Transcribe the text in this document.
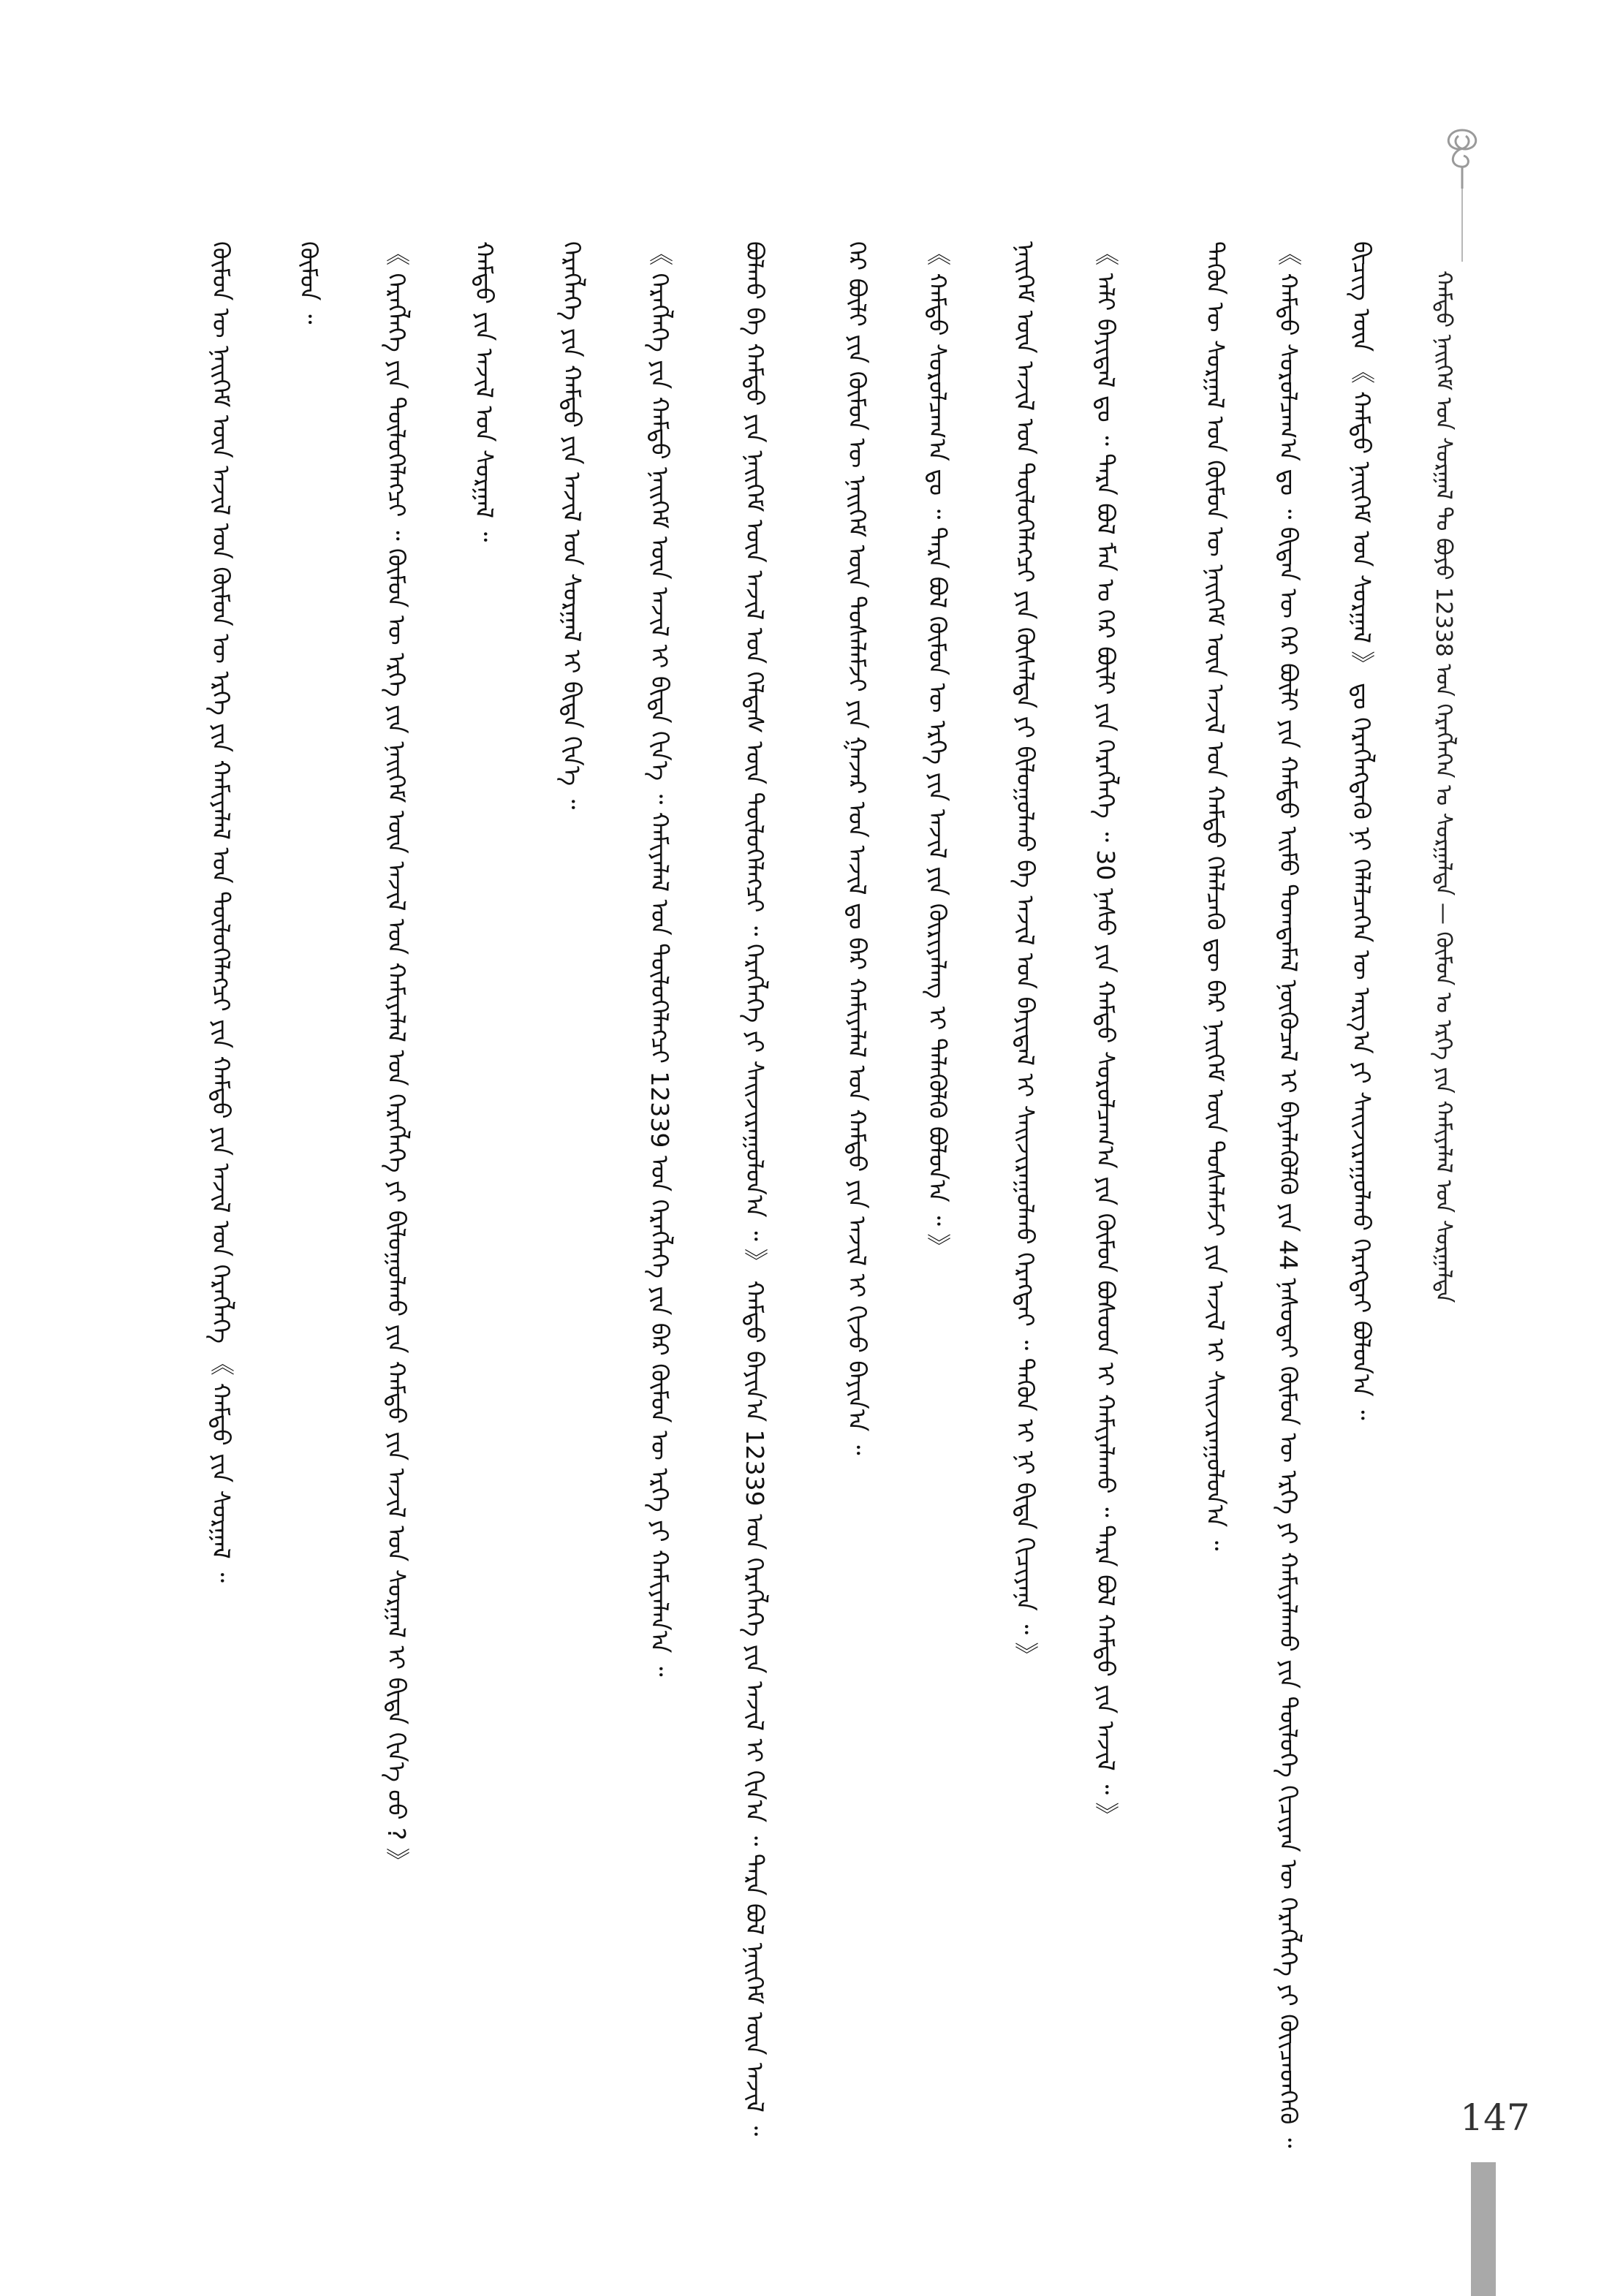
ᠬᠠᠮᠲᠤ ᠨᠡᠢᠭᠡᠮ ᠤᠨ ᠰᠤᠷᠭᠠᠯ ᠲᠤ ᠪᠤᠶᠤ 12338 ᠤᠨ ᠬᠡᠷᠡᠭᠯᠡᠭᠡᠨ ᠤ ᠰᠤᠷᠭᠠᠯᠲᠠ — ᠬᠦᠮᠦᠨ ᠤ ᠡᠷᠬᠡ ᠶᠢᠨ ᠬᠠᠮᠢᠶᠠᠯᠠᠯ ᠤᠨ ᠰᠤᠷᠭᠠᠯᠲᠠ
ᠪᠢᠴᠢᠭ ᠦᠨ 《 ᠬᠠᠮᠲᠤ ᠨᠡᠢᠭᠡᠮ ᠤᠨ ᠰᠤᠷᠭᠠᠯ 》 ᠳᠤ ᠬᠡᠷᠡᠭᠯᠡᠭᠳᠡᠭᠦ ᠨᠢ ᠬᠡᠯᠡᠯᠴᠡᠭᠡᠨ ᠦ ᠠᠷᠭ᠎ᠠ ᠶᠢ ᠰᠠᠢᠵᠢᠷᠠᠭᠤᠯᠬᠤ ᠬᠡᠷᠡᠭᠲᠡᠢ ᠪᠣᠯᠤᠨ᠎ᠠ ᠃
《 ᠬᠠᠮᠲᠤ ᠰᠤᠷᠤᠯᠴᠠᠭ᠎ᠠ ᠳᠤ ᠃ ᠪᠢᠳᠡᠨ ᠦ ᠭᠡᠷ ᠪᠦᠯᠢ ᠶᠢᠨ ᠬᠠᠮᠲᠤ ᠡᠢᠮᠦ ᠲᠣᠭᠲᠠᠮᠠᠯ ᠨᠥᠬᠦᠴᠡᠯ ᠢ ᠪᠡᠶᠡᠯᠡᠭᠦᠯᠬᠦ ᠶᠢᠨ 44 ᠨᠠᠰᠤᠲᠠᠢ ᠬᠦᠮᠦᠨ ᠦ ᠡᠷᠬᠡ ᠶᠢ ᠬᠠᠮᠢᠶᠠᠯᠠᠬᠤ ᠶᠢᠨ ᠲᠥᠯᠥᠭᠡ ᠬᠢᠴᠢᠶᠡᠨ ᠦ ᠬᠡᠷᠡᠭᠯᠡᠭᠡ ᠶᠢ ᠭᠦᠢᠴᠡᠳᠭᠡᠬᠦ ᠃
ᠲᠡᠭᠦᠨ ᠦ ᠰᠤᠷᠭᠠᠯ ᠤᠨ ᠬᠦᠮᠦᠨ ᠦ ᠨᠡᠢᠭᠡᠮ ᠦᠨ ᠠᠵᠢᠯ ᠤᠨ ᠬᠠᠮᠲᠤ ᠬᠡᠯᠡᠯᠴᠡᠬᠦ ᠳᠦ ᠪᠡᠷ ᠨᠡᠢᠭᠡᠮ ᠦᠨ ᠲᠤᠰᠠᠯᠠᠮᠵᠢ ᠶᠢᠨ ᠠᠵᠢᠯ ᠢ ᠰᠠᠢᠵᠢᠷᠠᠭᠤᠯᠤᠨ᠎ᠠ ᠃
《 ᠠᠯᠢ ᠪᠠᠶᠢᠳᠠᠯ ᠳᠤ ᠃ ᠲᠡᠷᠡ ᠪᠣᠯ ᠮᠠᠨ ᠤ ᠭᠡᠷ ᠪᠦᠯᠢ ᠶᠢᠨ ᠬᠡᠷᠡᠭᠯᠡᠭᠡ ᠃ 30 ᠨᠠᠰᠤ ᠶᠢᠨ ᠬᠠᠮᠲᠤ ᠰᠤᠷᠤᠯᠴᠠᠭ᠎ᠠ ᠶᠢᠨ ᠬᠦᠮᠦᠨ ᠪᠤᠰᠤᠳ ᠢ ᠬᠠᠮᠢᠶᠠᠯᠠᠬᠤ ᠃ ᠲᠡᠷᠡ ᠪᠣᠯ ᠬᠠᠮᠲᠤ ᠶᠢᠨ ᠠᠵᠢᠯ ᠃ 》
ᠨᠡᠢᠭᠡᠮ ᠦᠨ ᠠᠵᠢᠯ ᠤᠨ ᠲᠥᠯᠥᠭᠡᠯᠡᠭᠴᠢ ᠶᠢᠨ ᠬᠦᠰᠡᠯᠲᠡ ᠶᠢ ᠪᠢᠯᠤᠭᠤᠯᠬᠤ ᠪᠠ ᠠᠵᠢᠯ ᠤᠨ ᠪᠠᠶᠢᠳᠠᠯ ᠢ ᠰᠠᠢᠵᠢᠷᠠᠭᠤᠯᠬᠤ ᠬᠡᠷᠡᠭᠲᠡᠢ ᠃ ᠲᠡᠭᠦᠨ ᠢ ᠨᠢ ᠪᠢᠳᠡ ᠬᠢᠴᠢᠶᠡᠨᠡ ᠃ 》
《 ᠬᠠᠮᠲᠤ ᠰᠤᠷᠤᠯᠴᠠᠭ᠎ᠠ ᠳᠤ ᠃ ᠲᠡᠷᠡ ᠪᠣᠯ ᠬᠦᠮᠦᠨ ᠦ ᠡᠷᠬᠡ ᠶᠢᠨ ᠠᠵᠢᠯ ᠶᠢᠨ ᠬᠦᠷᠢᠶᠡᠯᠡᠩ ᠢ ᠲᠡᠯᠡᠭᠦᠯᠬᠦ ᠪᠣᠯᠤᠨ᠎ᠠ ᠃ 》
ᠭᠡᠷ ᠪᠦᠯᠢ ᠶᠢᠨ ᠬᠦᠮᠦᠨ ᠦ ᠨᠡᠢᠭᠡᠮ ᠦᠨ ᠲᠤᠰᠠᠯᠠᠮᠵᠢ ᠶᠢᠨ ᠭᠠᠵᠠᠷ ᠤᠨ ᠠᠵᠢᠯ ᠳᠤ ᠪᠡᠷ ᠬᠠᠮᠢᠶᠠᠯᠠᠯ ᠤᠨ ᠬᠠᠮᠲᠤ ᠶᠢᠨ ᠠᠵᠢᠯ ᠢ ᠬᠢᠵᠦ ᠪᠠᠶᠢᠨ᠎ᠠ ᠃
ᠪᠣᠯᠬᠤ ᠪᠠ ᠬᠠᠮᠲᠤ ᠶᠢᠨ ᠨᠡᠢᠭᠡᠮ ᠦᠨ ᠠᠵᠢᠯ ᠤᠨ ᠬᠡᠯᠲᠡᠰ ᠦᠨ ᠲᠥᠯᠥᠭᠡᠯᠡᠭᠴᠢ ᠃ ᠬᠡᠷᠡᠭᠯᠡᠭᠡ ᠶᠢ ᠰᠠᠢᠵᠢᠷᠠᠭᠤᠯᠤᠨ᠎ᠠ ᠃ 》 ᠬᠠᠮᠲᠤ ᠪᠠᠶᠢᠨ᠎ᠠ 12339 ᠤᠨ ᠬᠡᠷᠡᠭᠯᠡᠭᠡ ᠶᠢᠨ ᠠᠵᠢᠯ ᠢ ᠬᠢᠨ᠎ᠠ ᠃ ᠲᠡᠷᠡ ᠪᠣᠯ ᠨᠡᠢᠭᠡᠮ ᠦᠨ ᠠᠵᠢᠯ ᠃
《 ᠬᠡᠷᠡᠭᠯᠡᠭᠡ ᠶᠢᠨ ᠬᠠᠮᠲᠤ ᠨᠡᠢᠭᠡᠮ ᠦᠨ ᠠᠵᠢᠯ ᠢ ᠪᠢᠳᠡ ᠬᠢᠨ᠎ᠡ ᠃ ᠬᠠᠮᠢᠶᠠᠯᠠᠯ ᠤᠨ ᠲᠥᠯᠥᠭᠡᠯᠡᠭᠴᠢ 12339 ᠤᠨ ᠬᠡᠷᠡᠭᠯᠡᠭᠡ ᠶᠢᠨ ᠪᠡᠷ ᠬᠦᠮᠦᠨ ᠦ ᠡᠷᠬᠡ ᠶᠢ ᠬᠠᠮᠢᠶᠠᠯᠠᠨ᠎ᠠ ᠃
ᠬᠡᠷᠡᠭᠯᠡᠭᠡ ᠶᠢᠨ ᠬᠠᠮᠲᠤ ᠶᠢᠨ ᠠᠵᠢᠯ ᠤᠨ ᠰᠤᠷᠭᠠᠯ ᠢ ᠪᠢᠳᠡ ᠬᠢᠨ᠎ᠡ ᠃
ᠬᠠᠮᠲᠤ ᠶᠢᠨ ᠠᠵᠢᠯ ᠤᠨ ᠰᠤᠷᠭᠠᠯ ᠃
《 ᠬᠡᠷᠡᠭᠯᠡᠭᠡ ᠶᠢᠨ ᠲᠥᠯᠥᠭᠡᠯᠡᠭᠴᠢ ᠃ ᠬᠦᠮᠦᠨ ᠦ ᠡᠷᠬᠡ ᠶᠢᠨ ᠨᠡᠢᠭᠡᠮ ᠦᠨ ᠠᠵᠢᠯ ᠤᠨ ᠬᠠᠮᠢᠶᠠᠯᠠᠯ ᠤᠨ ᠬᠡᠷᠡᠭᠯᠡᠭᠡ ᠶᠢ ᠪᠢᠯᠤᠭᠤᠯᠬᠤ ᠶᠢᠨ ᠬᠠᠮᠲᠤ ᠶᠢᠨ ᠠᠵᠢᠯ ᠤᠨ ᠰᠤᠷᠭᠠᠯ ᠢ ᠪᠢᠳᠡ ᠬᠢᠨ᠎ᠡ ᠤᠤ ? 》
ᠬᠦᠮᠦᠨ ᠃
ᠬᠦᠮᠦᠨ ᠦ ᠨᠡᠢᠭᠡᠮ ᠦᠨ ᠠᠵᠢᠯ ᠤᠨ ᠬᠦᠮᠦᠨ ᠦ ᠡᠷᠬᠡ ᠶᠢᠨ ᠬᠠᠮᠢᠶᠠᠯᠠᠯ ᠤᠨ ᠲᠥᠯᠥᠭᠡᠯᠡᠭᠴᠢ ᠶᠢᠨ ᠬᠠᠮᠲᠤ ᠶᠢᠨ ᠠᠵᠢᠯ ᠤᠨ ᠬᠡᠷᠡᠭᠯᠡᠭᠡ 《 ᠬᠠᠮᠲᠤ ᠶᠢᠨ ᠰᠤᠷᠭᠠᠯ ᠃
147
